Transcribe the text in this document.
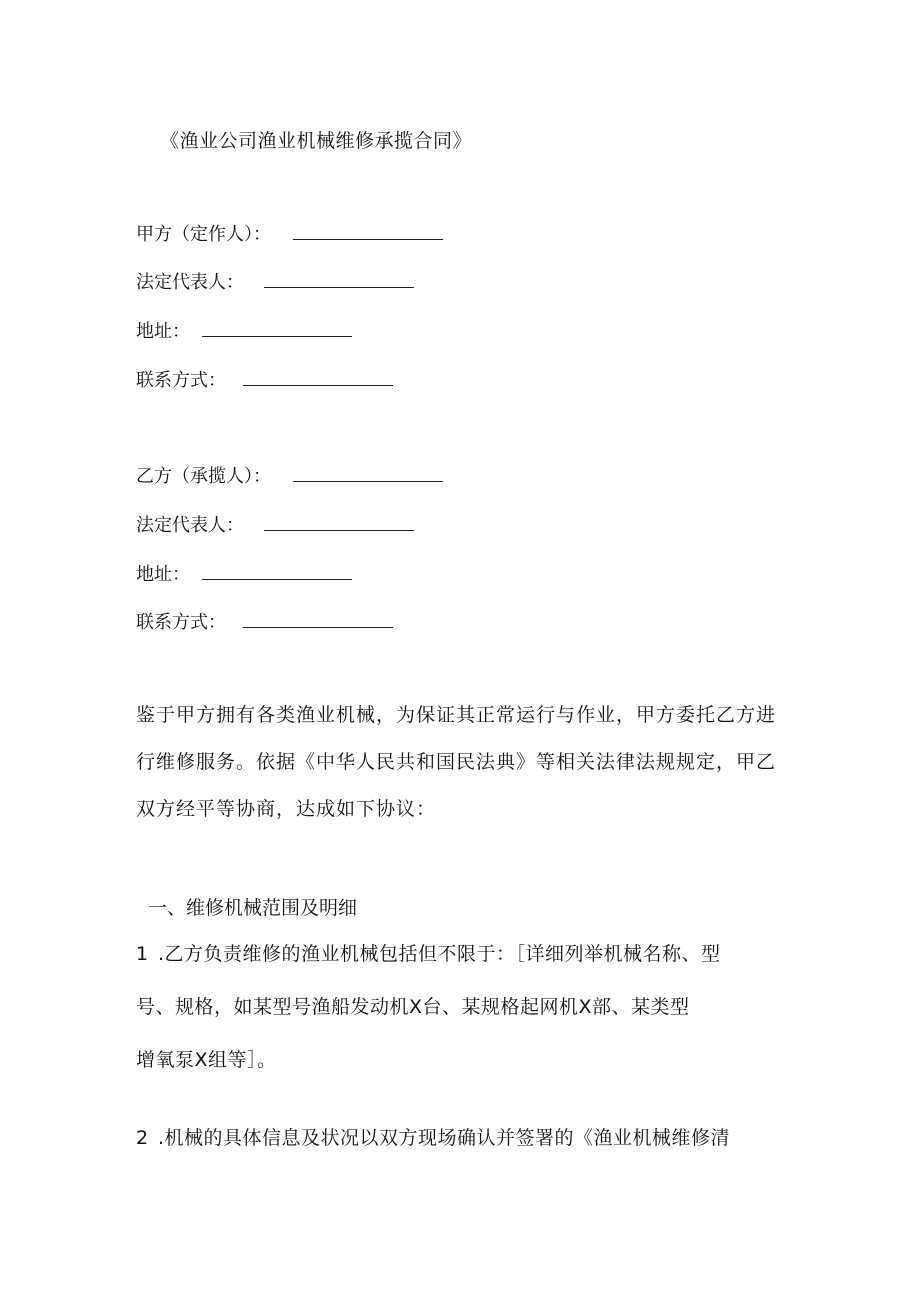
《渔业公司渔业机械维修承揽合同》
甲方（定作人）：
法定代表人：
地址：
联系方式：
乙方（承揽人）：
法定代表人：
地址：
联系方式：
鉴于甲方拥有各类渔业机械，为保证其正常运行与作业，甲方委托乙方进
行维修服务。依据《中华人民共和国民法典》等相关法律法规规定，甲乙
双方经平等协商，达成如下协议：
一、维修机械范围及明细
1 .乙方负责维修的渔业机械包括但不限于：［详细列举机械名称、型
号、规格，如某型号渔船发动机X台、某规格起网机X部、某类型
增氧泵X组等］。
2 .机械的具体信息及状况以双方现场确认并签署的《渔业机械维修清
